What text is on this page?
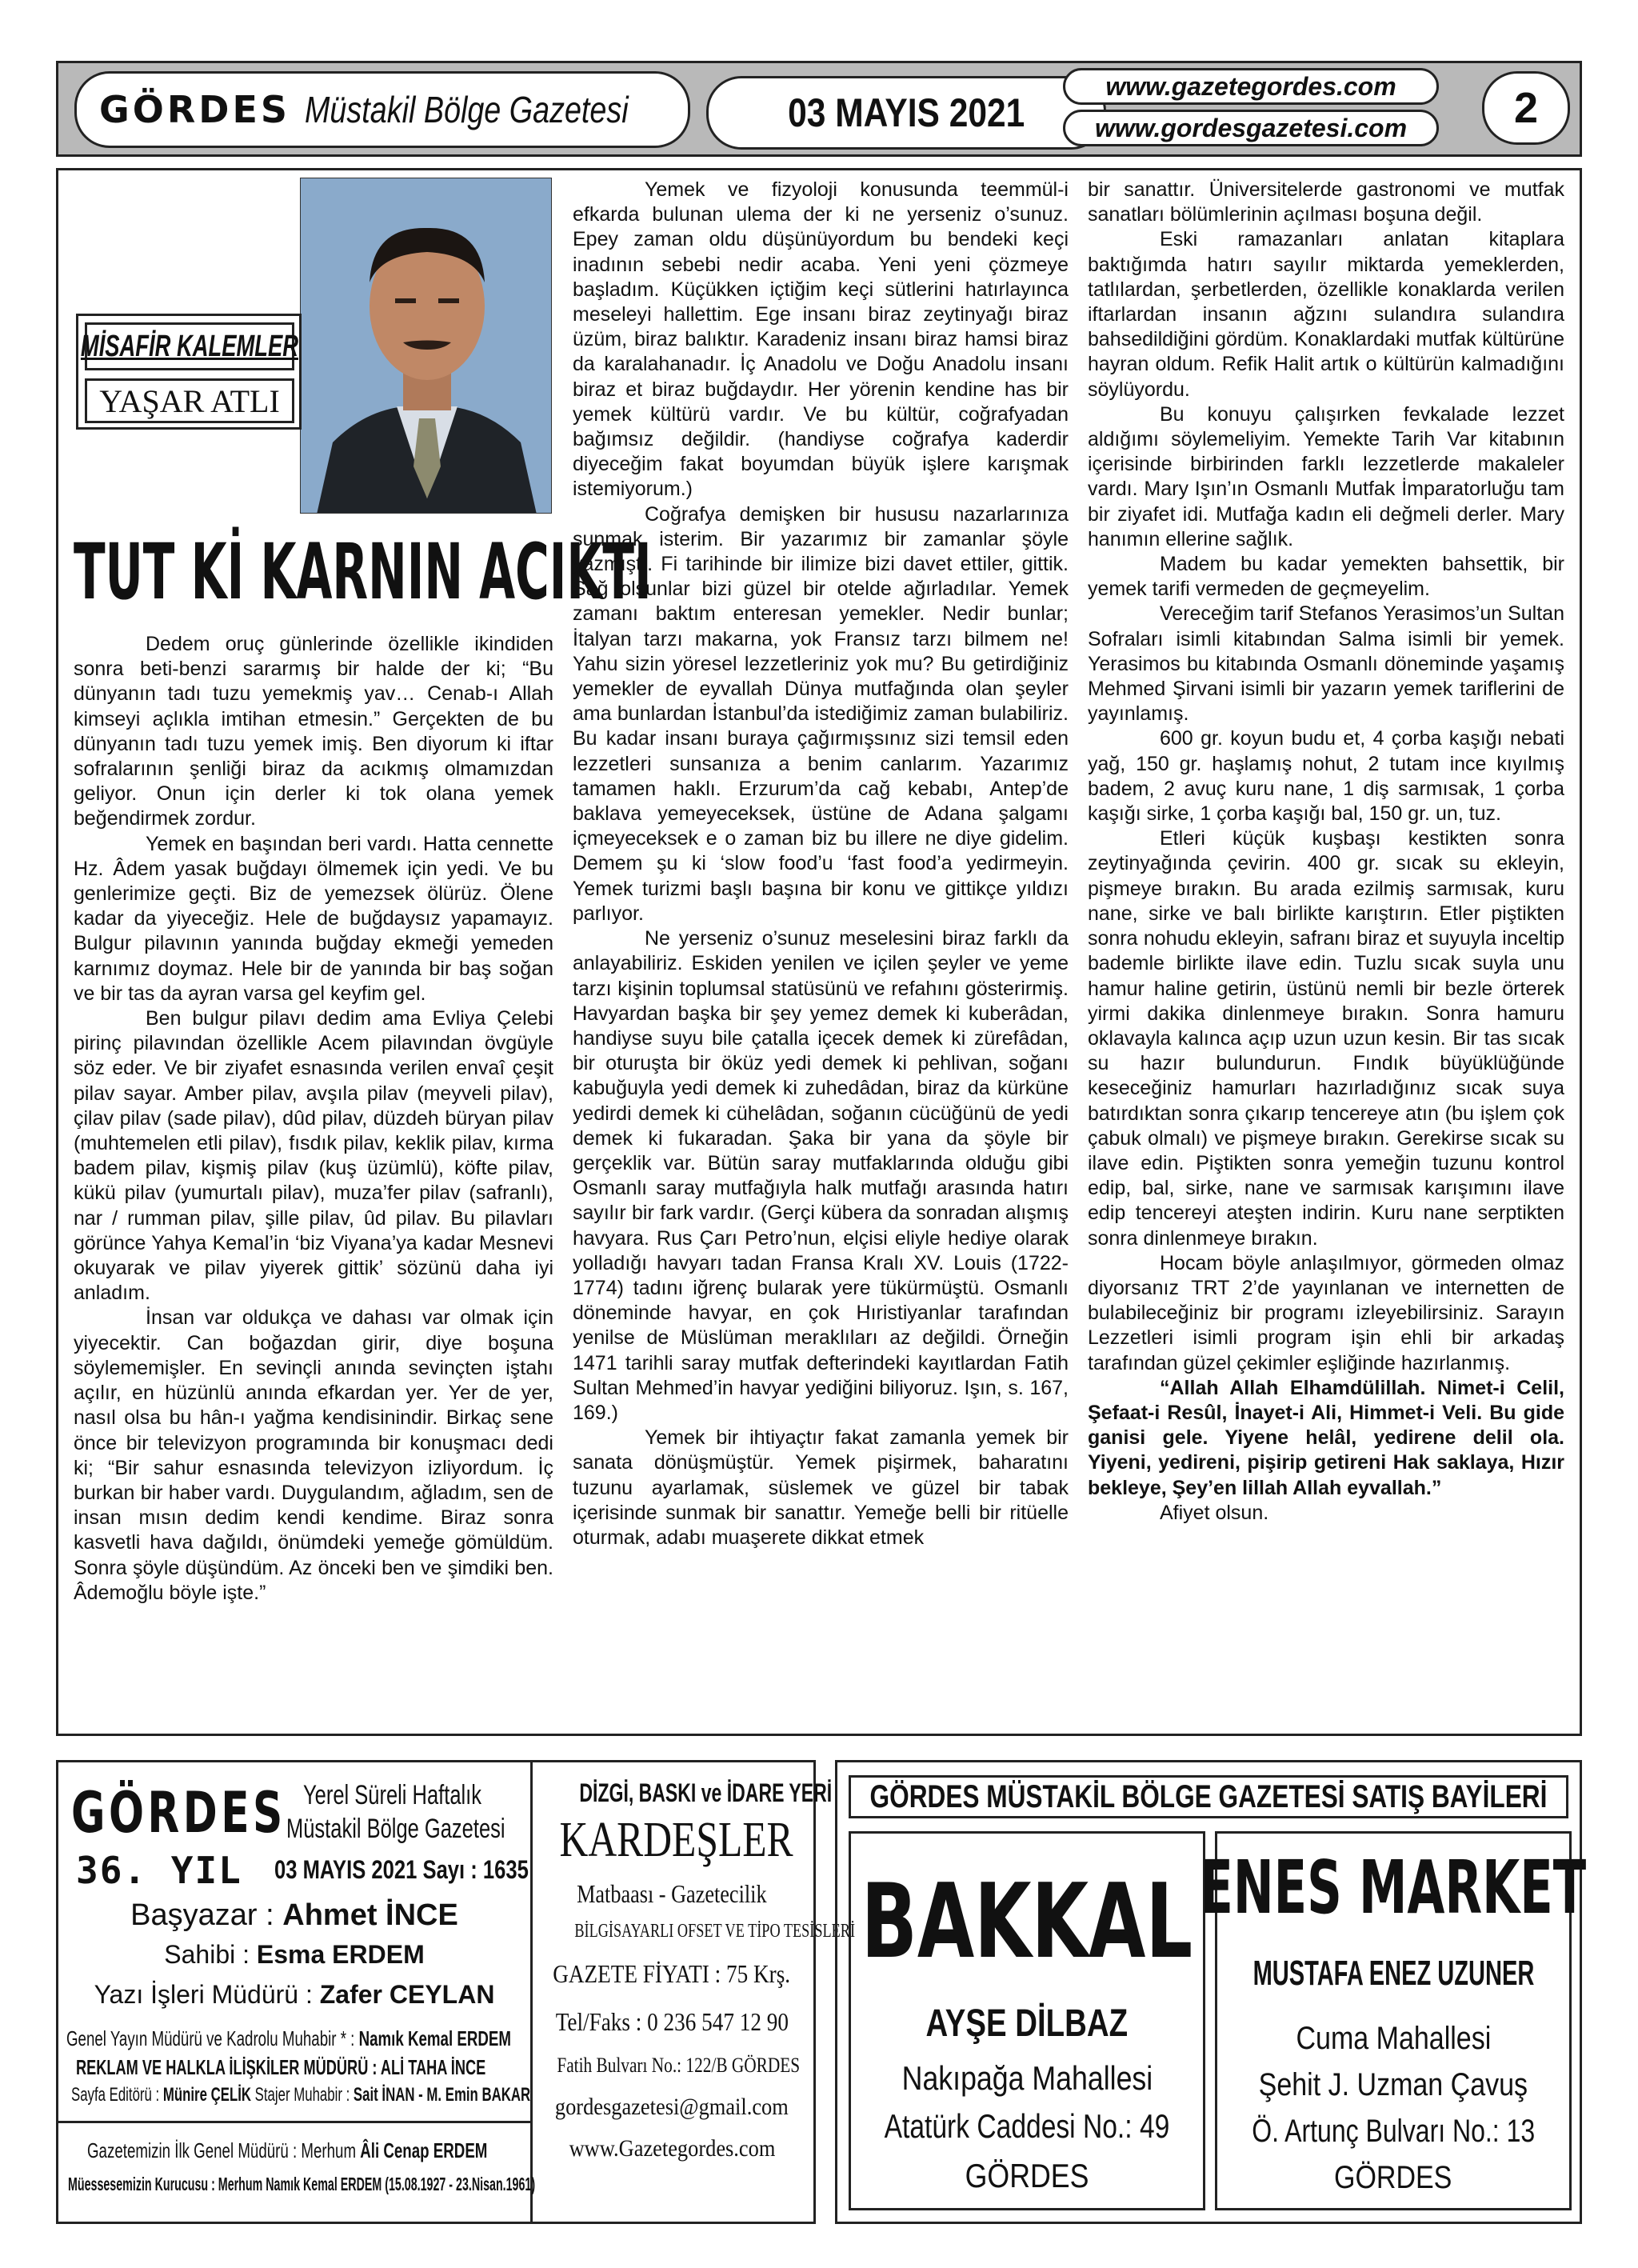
GÖRDES Müstakil Bölge Gazetesi	03 MAYIS 2021
www.gazetegordes.com
www.gordesgazetesi.com	2
MİSAFİR KALEMLER
YAŞAR ATLI
TUT Kİ KARNIN ACIKTI

Dedem oruç günlerinde özellikle ikindiden sonra beti-benzi sararmış bir halde der ki; “Bu dünyanın tadı tuzu yemekmiş yav… Cenab-ı Allah kimseyi açlıkla imtihan etmesin.” Gerçekten de bu dünyanın tadı tuzu yemek imiş. Ben diyorum ki iftar sofralarının şenliği biraz da acıkmış olmamızdan geliyor. Onun için derler ki tok olana yemek beğendirmek zordur.

Yemek en başından beri vardı. Hatta cennette Hz. Âdem yasak buğdayı ölmemek için yedi. Ve bu genlerimize geçti. Biz de yemezsek ölürüz. Ölene kadar da yiyeceğiz. Hele de buğdaysız yapamayız. Bulgur pilavının yanında buğday ekmeği yemeden karnımız doymaz. Hele bir de yanında bir baş soğan ve bir tas da ayran varsa gel keyfim gel.

Ben bulgur pilavı dedim ama Evliya Çelebi pirinç pilavından özellikle Acem pilavından övgüyle söz eder. Ve bir ziyafet esnasında verilen envaî çeşit pilav sayar. Amber pilav, avşıla pilav (meyveli pilav), çilav pilav (sade pilav), dûd pilav, düzdeh büryan pilav (muhtemelen etli pilav), fısdık pilav, keklik pilav, kırma badem pilav, kişmiş pilav (kuş üzümlü), köfte pilav, kükü pilav (yumurtalı pilav), muza’fer pilav (safranlı), nar / rumman pilav, şille pilav, ûd pilav. Bu pilavları görünce Yahya Kemal’in ‘biz Viyana’ya kadar Mesnevi okuyarak ve pilav yiyerek gittik’ sözünü daha iyi anladım.

İnsan var oldukça ve dahası var olmak için yiyecektir. Can boğazdan girir, diye boşuna söylememişler. En sevinçli anında sevinçten iştahı açılır, en hüzünlü anında efkardan yer. Yer de yer, nasıl olsa bu hân-ı yağma kendisinindir. Birkaç sene önce bir televizyon programında bir konuşmacı dedi ki; “Bir sahur esnasında televizyon izliyordum. İç burkan bir haber vardı. Duygulandım, ağladım, sen de insan mısın dedim kendi kendime. Biraz sonra kasvetli hava dağıldı, önümdeki yemeğe gömüldüm. Sonra şöyle düşündüm. Az önceki ben ve şimdiki ben. Âdemoğlu böyle işte.”

Yemek ve fizyoloji konusunda teemmül-i efkarda bulunan ulema der ki ne yerseniz o’sunuz. Epey zaman oldu düşünüyordum bu bendeki keçi inadının sebebi nedir acaba. Yeni yeni çözmeye başladım. Küçükken içtiğim keçi sütlerini hatırlayınca meseleyi hallettim. Ege insanı biraz zeytinyağı biraz üzüm, biraz balıktır. Karadeniz insanı biraz hamsi biraz da karalahanadır. İç Anadolu ve Doğu Anadolu insanı biraz et biraz buğdaydır. Her yörenin kendine has bir yemek kültürü vardır. Ve bu kültür, coğrafyadan bağımsız değildir. (handiyse coğrafya kaderdir diyeceğim fakat boyumdan büyük işlere karışmak istemiyorum.)

Coğrafya demişken bir hususu nazarlarınıza sunmak isterim. Bir yazarımız bir zamanlar şöyle yazmıştı. Fi tarihinde bir ilimize bizi davet ettiler, gittik. Sağ olsunlar bizi güzel bir otelde ağırladılar. Yemek zamanı baktım enteresan yemekler. Nedir bunlar; İtalyan tarzı makarna, yok Fransız tarzı bilmem ne! Yahu sizin yöresel lezzetleriniz yok mu? Bu getirdiğiniz yemekler de eyvallah Dünya mutfağında olan şeyler ama bunlardan İstanbul’da istediğimiz zaman bulabiliriz. Bu kadar insanı buraya çağırmışsınız sizi temsil eden lezzetleri sunsanıza a benim canlarım. Yazarımız tamamen haklı. Erzurum’da cağ kebabı, Antep’de baklava yemeyeceksek, üstüne de Adana şalgamı içmeyeceksek e o zaman biz bu illere ne diye gidelim. Demem şu ki ‘slow food’u ‘fast food’a yedirmeyin. Yemek turizmi başlı başına bir konu ve gittikçe yıldızı parlıyor.

Ne yerseniz o’sunuz meselesini biraz farklı da anlayabiliriz. Eskiden yenilen ve içilen şeyler ve yeme tarzı kişinin toplumsal statüsünü ve refahını gösterirmiş. Havyardan başka bir şey yemez demek ki kuberâdan, handiyse suyu bile çatalla içecek demek ki zürefâdan, bir oturuşta bir öküz yedi demek ki pehlivan, soğanı kabuğuyla yedi demek ki zuhedâdan, biraz da kürküne yedirdi demek ki cühelâdan, soğanın cücüğünü de yedi demek ki fukaradan. Şaka bir yana da şöyle bir gerçeklik var. Bütün saray mutfaklarında olduğu gibi Osmanlı saray mutfağıyla halk mutfağı arasında hatırı sayılır bir fark vardır. (Gerçi kübera da sonradan alışmış havyara. Rus Çarı Petro’nun, elçisi eliyle hediye olarak yolladığı havyarı tadan Fransa Kralı XV. Louis (1722-1774) tadını iğrenç bularak yere tükürmüştü. Osmanlı döneminde havyar, en çok Hıristiyanlar tarafından yenilse de Müslüman meraklıları az değildi. Örneğin 1471 tarihli saray mutfak defterindeki kayıtlardan Fatih Sultan Mehmed’in havyar yediğini biliyoruz. Işın, s. 167, 169.)

Yemek bir ihtiyaçtır fakat zamanla yemek bir sanata dönüşmüştür. Yemek pişirmek, baharatını tuzunu ayarlamak, süslemek ve güzel bir tabak içerisinde sunmak bir sanattır. Yemeğe belli bir ritüelle oturmak, adabı muaşerete dikkat etmek

bir sanattır. Üniversitelerde gastronomi ve mutfak sanatları bölümlerinin açılması boşuna değil.

Eski ramazanları anlatan kitaplara baktığımda hatırı sayılır miktarda yemeklerden, tatlılardan, şerbetlerden, özellikle konaklarda verilen iftarlardan insanın ağzını sulandıra sulandıra bahsedildiğini gördüm. Konaklardaki mutfak kültürüne hayran oldum. Refik Halit artık o kültürün kalmadığını söylüyordu.

Bu konuyu çalışırken fevkalade lezzet aldığımı söylemeliyim. Yemekte Tarih Var kitabının içerisinde birbirinden farklı lezzetlerde makaleler vardı. Mary Işın’ın Osmanlı Mutfak İmparatorluğu tam bir ziyafet idi. Mutfağa kadın eli değmeli derler. Mary hanımın ellerine sağlık.

Madem bu kadar yemekten bahsettik, bir yemek tarifi vermeden de geçmeyelim.

Vereceğim tarif Stefanos Yerasimos’un Sultan Sofraları isimli kitabından Salma isimli bir yemek. Yerasimos bu kitabında Osmanlı döneminde yaşamış Mehmed Şirvani isimli bir yazarın yemek tariflerini de yayınlamış.

600 gr. koyun budu et, 4 çorba kaşığı nebati yağ, 150 gr. haşlamış nohut, 2 tutam ince kıyılmış badem, 2 avuç kuru nane, 1 diş sarmısak, 1 çorba kaşığı sirke, 1 çorba kaşığı bal, 150 gr. un, tuz.

Etleri küçük kuşbaşı kestikten sonra zeytinyağında çevirin. 400 gr. sıcak su ekleyin, pişmeye bırakın. Bu arada ezilmiş sarmısak, kuru nane, sirke ve balı birlikte karıştırın. Etler piştikten sonra nohudu ekleyin, safranı biraz et suyuyla inceltip bademle birlikte ilave edin. Tuzlu sıcak suyla unu hamur haline getirin, üstünü nemli bir bezle örterek yirmi dakika dinlenmeye bırakın. Sonra hamuru oklavayla kalınca açıp uzun uzun kesin. Bir tas sıcak su hazır bulundurun. Fındık büyüklüğünde keseceğiniz hamurları hazırladığınız sıcak suya batırdıktan sonra çıkarıp tencereye atın (bu işlem çok çabuk olmalı) ve pişmeye bırakın. Gerekirse sıcak su ilave edin. Piştikten sonra yemeğin tuzunu kontrol edip, bal, sirke, nane ve sarmısak karışımını ilave edip tencereyi ateşten indirin. Kuru nane serptikten sonra dinlenmeye bırakın.

Hocam böyle anlaşılmıyor, görmeden olmaz diyorsanız TRT 2’de yayınlanan ve internetten de bulabileceğiniz bir programı izleyebilirsiniz. Sarayın Lezzetleri isimli program işin ehli bir arkadaş tarafından güzel çekimler eşliğinde hazırlanmış.

“Allah Allah Elhamdülillah. Nimet-i Celil, Şefaat-i Resûl, İnayet-i Ali, Himmet-i Veli. Bu gide ganisi gele. Yiyene helâl, yedirene delil ola. Yiyeni, yedireni, pişirip getireni Hak saklaya, Hızır bekleye, Şey’en lillah Allah eyvallah.”

Afiyet olsun.

GÖRDES Yerel Süreli Haftalık
Müstakil Bölge Gazetesi
36. YIL 03 MAYIS 2021 Sayı : 1635
Başyazar : Ahmet İNCE
Sahibi : Esma ERDEM
Yazı İşleri Müdürü : Zafer CEYLAN
Genel Yayın Müdürü ve Kadrolu Muhabir * : Namık Kemal ERDEM
REKLAM VE HALKLA İLİŞKİLER MÜDÜRÜ : ALİ TAHA İNCE
Sayfa Editörü : Münire ÇELİK Stajer Muhabir : Sait İNAN - M. Emin BAKAR
Gazetemizin İlk Genel Müdürü : Merhum Âli Cenap ERDEM
Müessesemizin Kurucusu : Merhum Namık Kemal ERDEM (15.08.1927 - 23.Nisan.1961)
DİZGİ, BASKI ve İDARE YERİ
KARDEŞLER
Matbaası - Gazetecilik
BİLGİSAYARLI OFSET VE TİPO TESİSLERİ
GAZETE FİYATI : 75 Krş.
Tel/Faks : 0 236 547 12 90
Fatih Bulvarı No.: 122/B GÖRDES
gordesgazetesi@gmail.com
www.Gazetegordes.com
GÖRDES MÜSTAKİL BÖLGE GAZETESİ SATIŞ BAYİLERİ
BAKKAL
AYŞE DİLBAZ
Nakıpağa Mahallesi
Atatürk Caddesi No.: 49
GÖRDES
ENES MARKET
MUSTAFA ENEZ UZUNER
Cuma Mahallesi
Şehit J. Uzman Çavuş
Ö. Artunç Bulvarı No.: 13
GÖRDES
